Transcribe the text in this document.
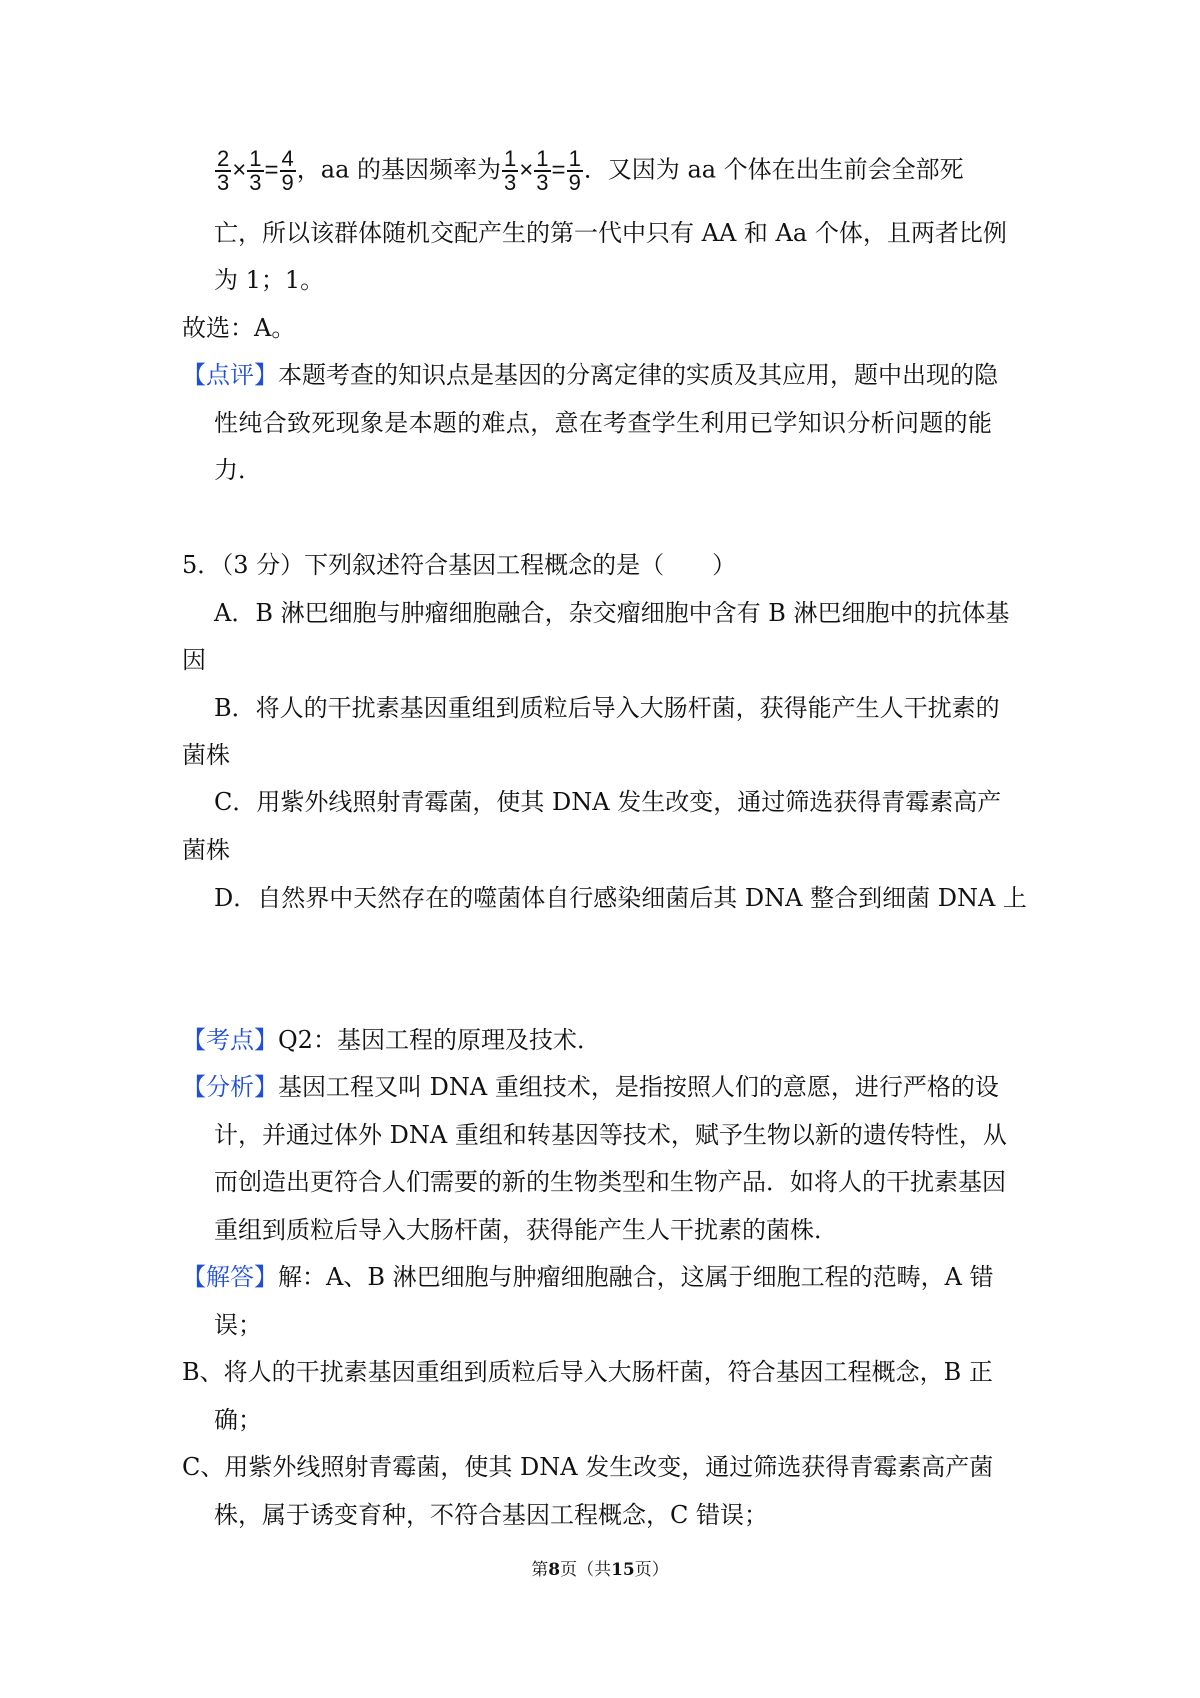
$\frac{2}{3} \times \frac{1}{3} = \frac{4}{9}$ ，aa 的基因频率为 $\frac{1}{3} \times \frac{1}{3} = \frac{1}{9}$ ．又因为 aa 个体在出生前会全部死
亡，所以该群体随机交配产生的第一代中只有 AA 和 Aa 个体，且两者比例
为 1；1。
故选：A。
【点评】本题考查的知识点是基因的分离定律的实质及其应用，题中出现的隐
性纯合致死现象是本题的难点，意在考查学生利用已学知识分析问题的能
力．
5．（3 分）下列叙述符合基因工程概念的是（　　）
A．B 淋巴细胞与肿瘤细胞融合，杂交瘤细胞中含有 B 淋巴细胞中的抗体基
因
B．将人的干扰素基因重组到质粒后导入大肠杆菌，获得能产生人干扰素的
菌株
C．用紫外线照射青霉菌，使其 DNA 发生改变，通过筛选获得青霉素高产
菌株
D．自然界中天然存在的噬菌体自行感染细菌后其 DNA 整合到细菌 DNA 上
【考点】Q2：基因工程的原理及技术．
【分析】基因工程又叫 DNA 重组技术，是指按照人们的意愿，进行严格的设
计，并通过体外 DNA 重组和转基因等技术，赋予生物以新的遗传特性，从
而创造出更符合人们需要的新的生物类型和生物产品．如将人的干扰素基因
重组到质粒后导入大肠杆菌，获得能产生人干扰素的菌株．
【解答】解：A、B 淋巴细胞与肿瘤细胞融合，这属于细胞工程的范畴，A 错
误；
B、将人的干扰素基因重组到质粒后导入大肠杆菌，符合基因工程概念，B 正
确；
C、用紫外线照射青霉菌，使其 DNA 发生改变，通过筛选获得青霉素高产菌
株，属于诱变育种，不符合基因工程概念，C 错误；
第8页（共15页）
